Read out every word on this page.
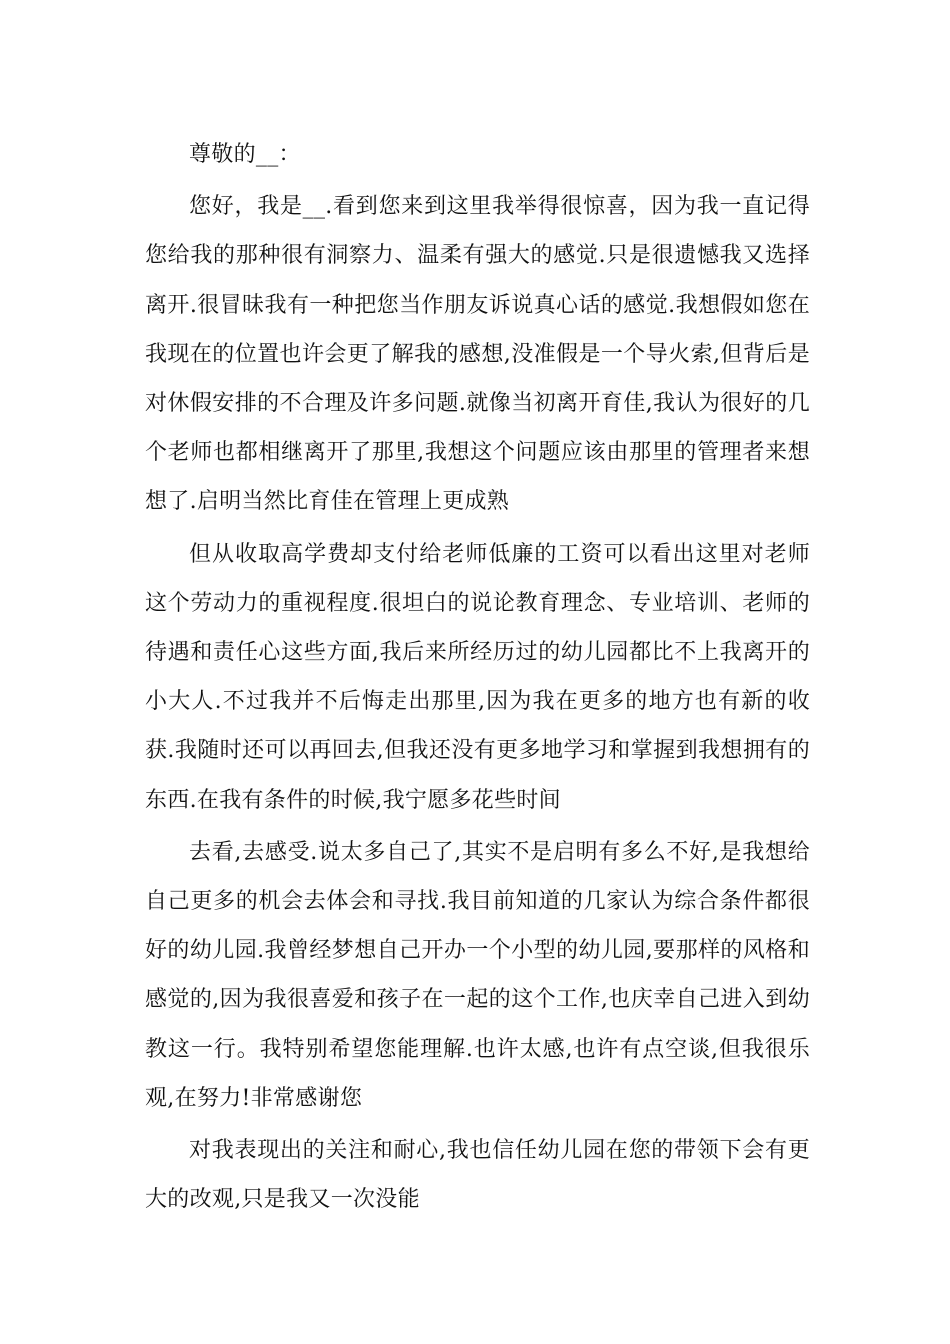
尊敬的__：

您好，我是__.看到您来到这里我举得很惊喜，因为我一直记得您给我的那种很有洞察力、温柔有强大的感觉.只是很遗憾我又选择离开.很冒昧我有一种把您当作朋友诉说真心话的感觉.我想假如您在我现在的位置也许会更了解我的感想,没准假是一个导火索,但背后是对休假安排的不合理及许多问题.就像当初离开育佳,我认为很好的几个老师也都相继离开了那里,我想这个问题应该由那里的管理者来想想了.启明当然比育佳在管理上更成熟

但从收取高学费却支付给老师低廉的工资可以看出这里对老师这个劳动力的重视程度.很坦白的说论教育理念、专业培训、老师的待遇和责任心这些方面,我后来所经历过的幼儿园都比不上我离开的小大人.不过我并不后悔走出那里,因为我在更多的地方也有新的收获.我随时还可以再回去,但我还没有更多地学习和掌握到我想拥有的东西.在我有条件的时候,我宁愿多花些时间

去看,去感受.说太多自己了,其实不是启明有多么不好,是我想给自己更多的机会去体会和寻找.我目前知道的几家认为综合条件都很好的幼儿园.我曾经梦想自己开办一个小型的幼儿园,要那样的风格和感觉的,因为我很喜爱和孩子在一起的这个工作,也庆幸自己进入到幼教这一行。我特别希望您能理解.也许太感,也许有点空谈,但我很乐观,在努力!非常感谢您

对我表现出的关注和耐心,我也信任幼儿园在您的带领下会有更大的改观,只是我又一次没能
